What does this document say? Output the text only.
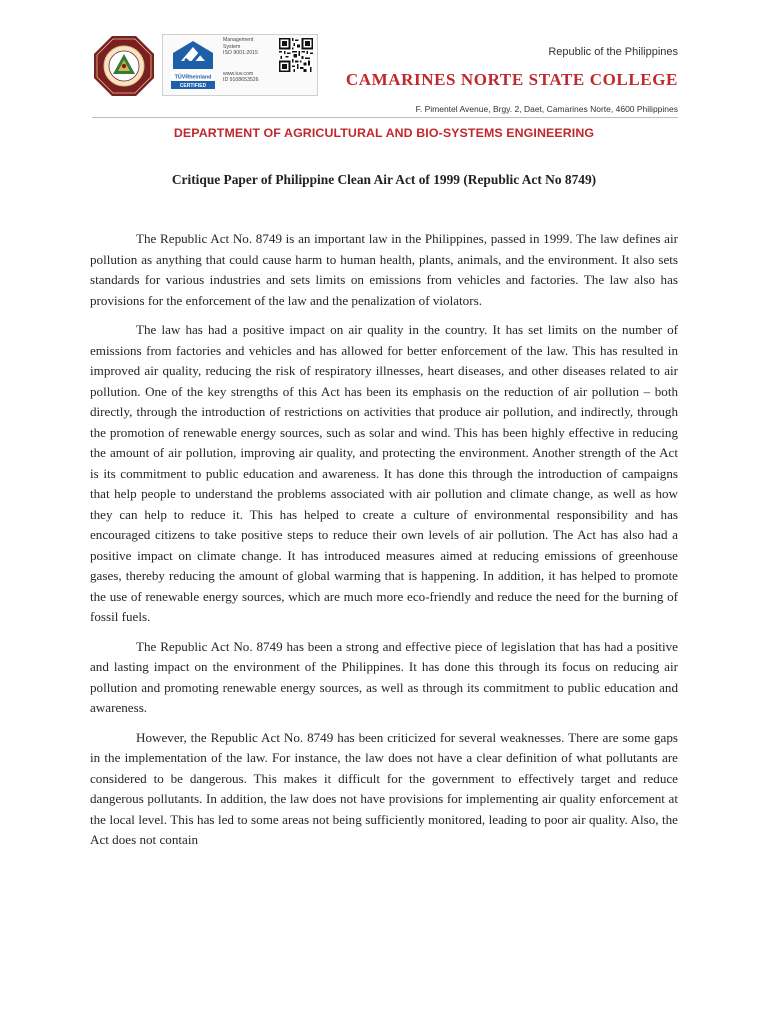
TÜVRheinland
CERTIFIED
Management
System
ISO 9001:2015
www.tuv.com
ID 9108653526
Republic of the Philippines
CAMARINES NORTE STATE COLLEGE
F. Pimentel Avenue, Brgy. 2, Daet, Camarines Norte, 4600 Philippines
DEPARTMENT OF AGRICULTURAL AND BIO-SYSTEMS ENGINEERING
Critique Paper of Philippine Clean Air Act of 1999 (Republic Act No 8749)

The Republic Act No. 8749 is an important law in the Philippines, passed in 1999. The law defines air pollution as anything that could cause harm to human health, plants, animals, and the environment. It also sets standards for various industries and sets limits on emissions from vehicles and factories. The law also has provisions for the enforcement of the law and the penalization of violators.

The law has had a positive impact on air quality in the country. It has set limits on the number of emissions from factories and vehicles and has allowed for better enforcement of the law. This has resulted in improved air quality, reducing the risk of respiratory illnesses, heart diseases, and other diseases related to air pollution. One of the key strengths of this Act has been its emphasis on the reduction of air pollution – both directly, through the introduction of restrictions on activities that produce air pollution, and indirectly, through the promotion of renewable energy sources, such as solar and wind. This has been highly effective in reducing the amount of air pollution, improving air quality, and protecting the environment. Another strength of the Act is its commitment to public education and awareness. It has done this through the introduction of campaigns that help people to understand the problems associated with air pollution and climate change, as well as how they can help to reduce it. This has helped to create a culture of environmental responsibility and has encouraged citizens to take positive steps to reduce their own levels of air pollution. The Act has also had a positive impact on climate change. It has introduced measures aimed at reducing emissions of greenhouse gases, thereby reducing the amount of global warming that is happening. In addition, it has helped to promote the use of renewable energy sources, which are much more eco-friendly and reduce the need for the burning of fossil fuels.

The Republic Act No. 8749 has been a strong and effective piece of legislation that has had a positive and lasting impact on the environment of the Philippines. It has done this through its focus on reducing air pollution and promoting renewable energy sources, as well as through its commitment to public education and awareness.

However, the Republic Act No. 8749 has been criticized for several weaknesses. There are some gaps in the implementation of the law. For instance, the law does not have a clear definition of what pollutants are considered to be dangerous. This makes it difficult for the government to effectively target and reduce dangerous pollutants. In addition, the law does not have provisions for implementing air quality enforcement at the local level. This has led to some areas not being sufficiently monitored, leading to poor air quality. Also, the Act does not contain
